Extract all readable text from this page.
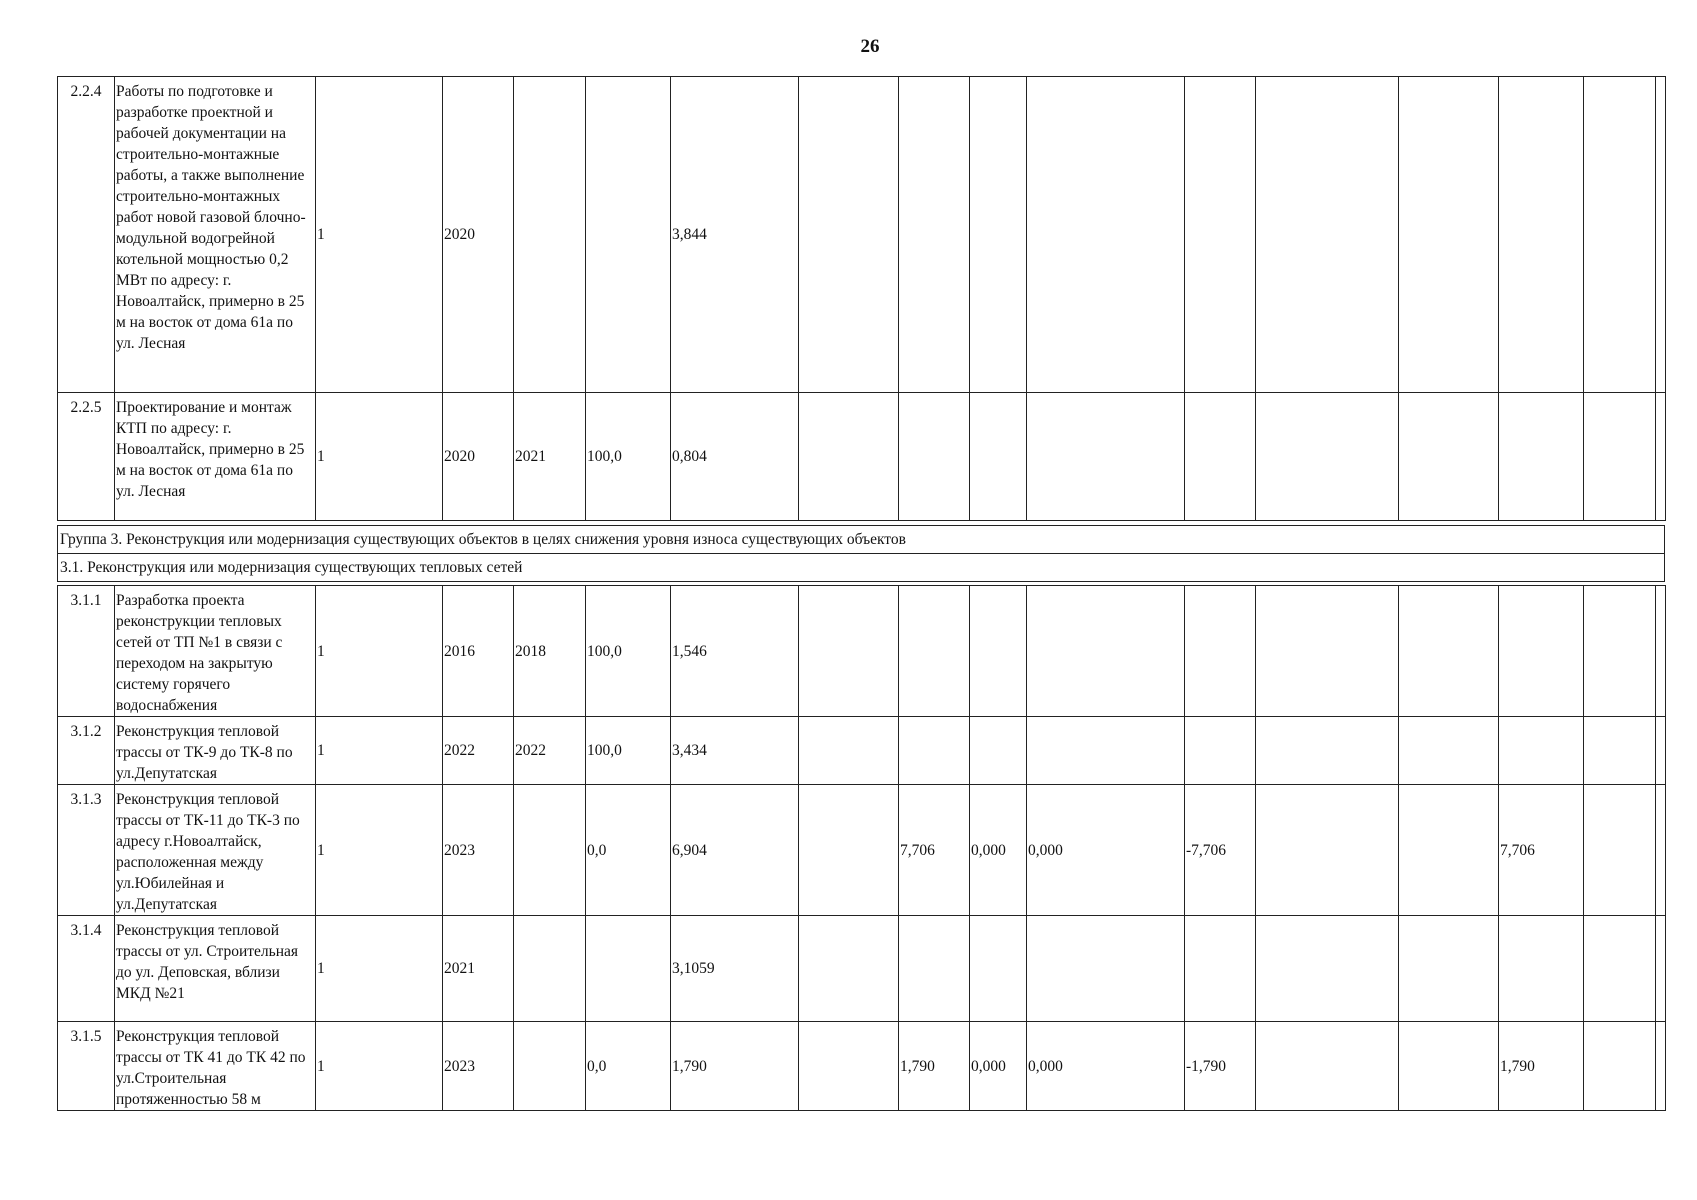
26
2.2.4	Работы по подготовке и разработке проектной и рабочей документации на строительно-монтажные работы, а также выполнение строительно-монтажных работ новой газовой блочно-модульной водогрейной котельной мощностью 0,2 МВт по адресу: г. Новоалтайск, примерно в 25 м на восток от дома 61а по ул. Лесная	1	2020			3,844										
2.2.5	Проектирование и монтаж КТП по адресу: г. Новоалтайск, примерно в 25 м на восток от дома 61а по ул. Лесная	1	2020	2021	100,0	0,804										
Группа 3. Реконструкция или модернизация существующих объектов в целях снижения уровня износа существующих объектов
3.1. Реконструкция или модернизация существующих тепловых сетей
3.1.1	Разработка проекта реконструкции тепловых сетей от ТП №1 в связи с переходом на закрытую систему горячего водоснабжения	1	2016	2018	100,0	1,546										
3.1.2	Реконструкция тепловой трассы от ТК-9 до ТК-8 по ул.Депутатская	1	2022	2022	100,0	3,434										
3.1.3	Реконструкция тепловой трассы от ТК-11 до ТК-3 по адресу г.Новоалтайск, расположенная между ул.Юбилейная и ул.Депутатская	1	2023		0,0	6,904		7,706	0,000	0,000	-7,706			7,706		
3.1.4	Реконструкция тепловой трассы от ул. Строительная до ул. Деповская, вблизи МКД №21	1	2021			3,1059										
3.1.5	Реконструкция тепловой трассы от ТК 41 до ТК 42 по ул.Строительная протяженностью 58 м	1	2023		0,0	1,790		1,790	0,000	0,000	-1,790			1,790		
